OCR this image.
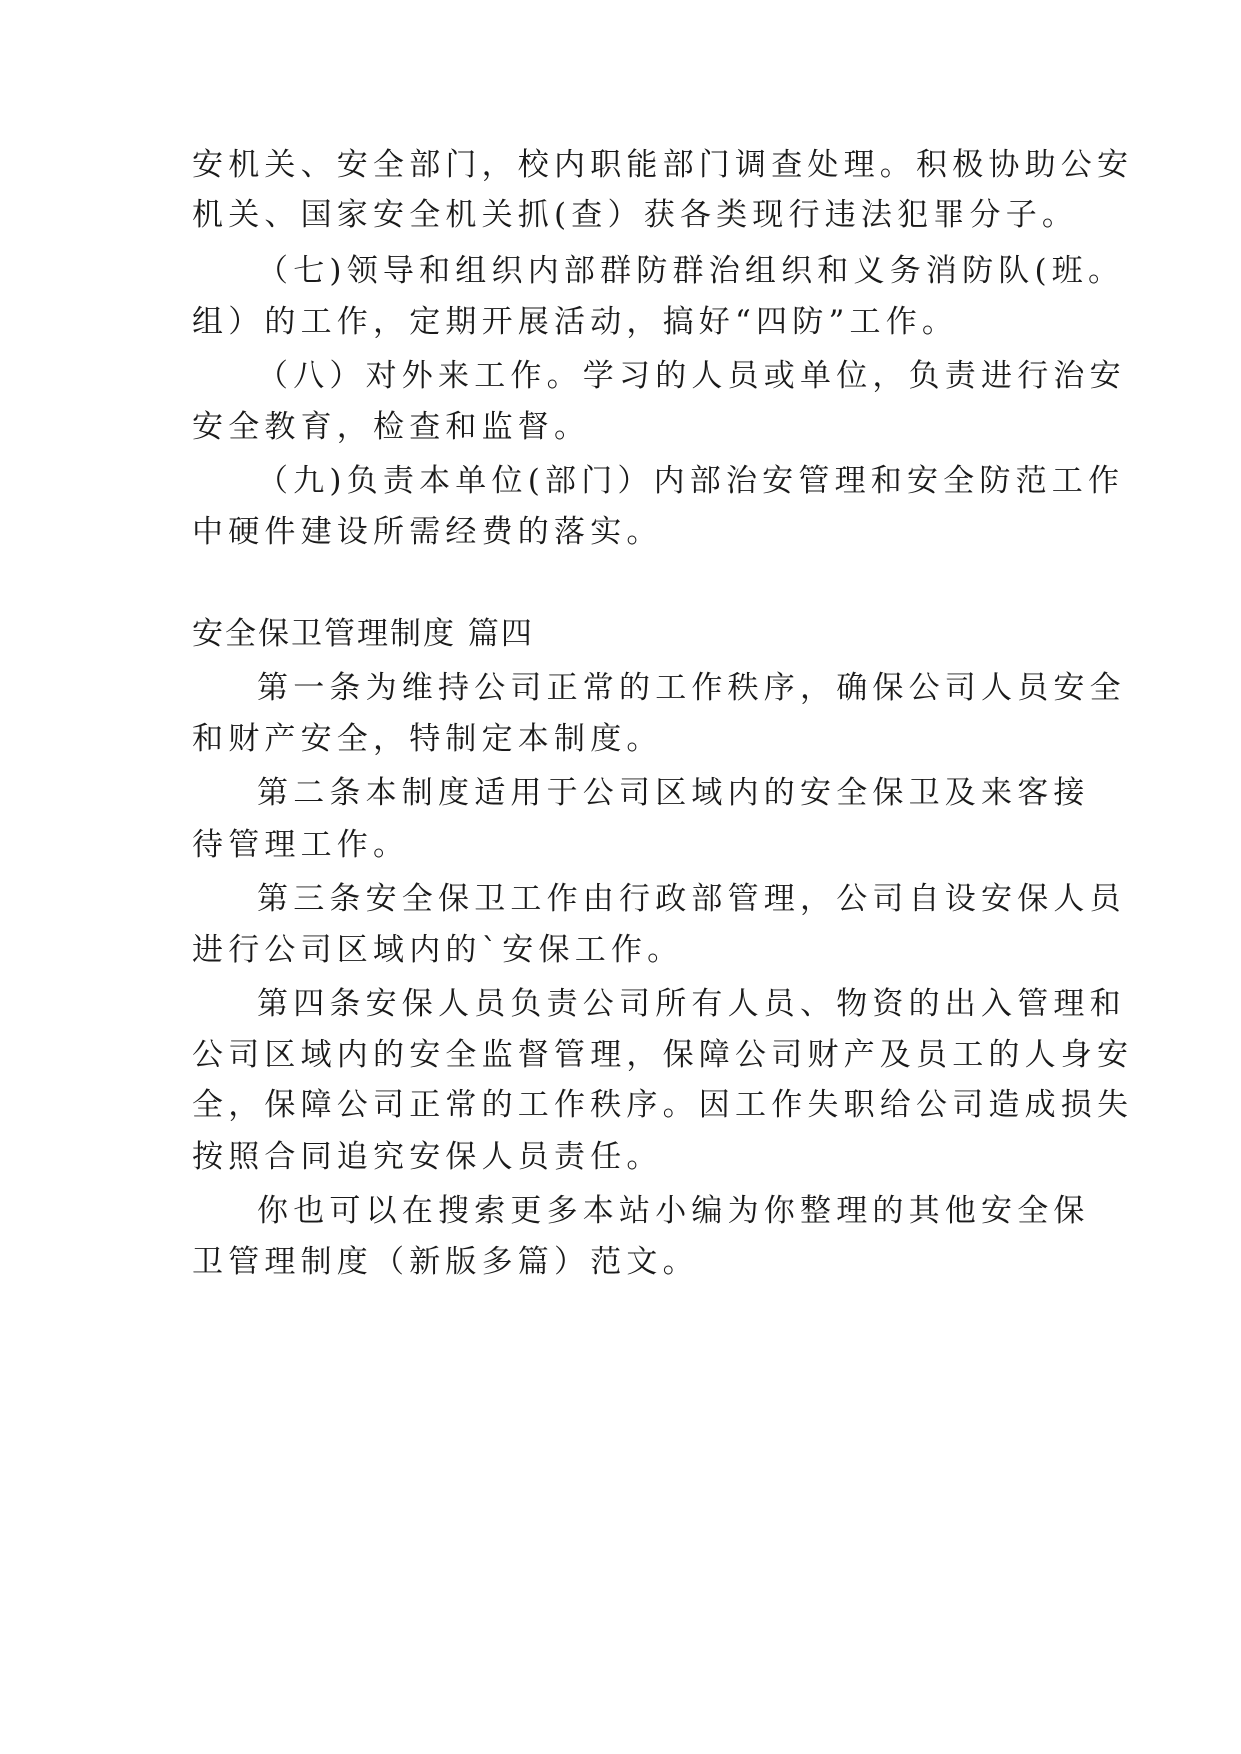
安机关、安全部门，校内职能部门调查处理。积极协助公安

机关、国家安全机关抓(查）获各类现行违法犯罪分子。

（七)领导和组织内部群防群治组织和义务消防队(班。

组）的工作，定期开展活动，搞好“四防”工作。

（八）对外来工作。学习的人员或单位，负责进行治安

安全教育，检查和监督。

（九)负责本单位(部门）内部治安管理和安全防范工作

中硬件建设所需经费的落实。

安全保卫管理制度 篇四

第一条为维持公司正常的工作秩序，确保公司人员安全

和财产安全，特制定本制度。

第二条本制度适用于公司区域内的安全保卫及来客接

待管理工作。

第三条安全保卫工作由行政部管理，公司自设安保人员

进行公司区域内的`安保工作。

第四条安保人员负责公司所有人员、物资的出入管理和

公司区域内的安全监督管理，保障公司财产及员工的人身安

全，保障公司正常的工作秩序。因工作失职给公司造成损失

按照合同追究安保人员责任。

你也可以在搜索更多本站小编为你整理的其他安全保

卫管理制度（新版多篇）范文。
